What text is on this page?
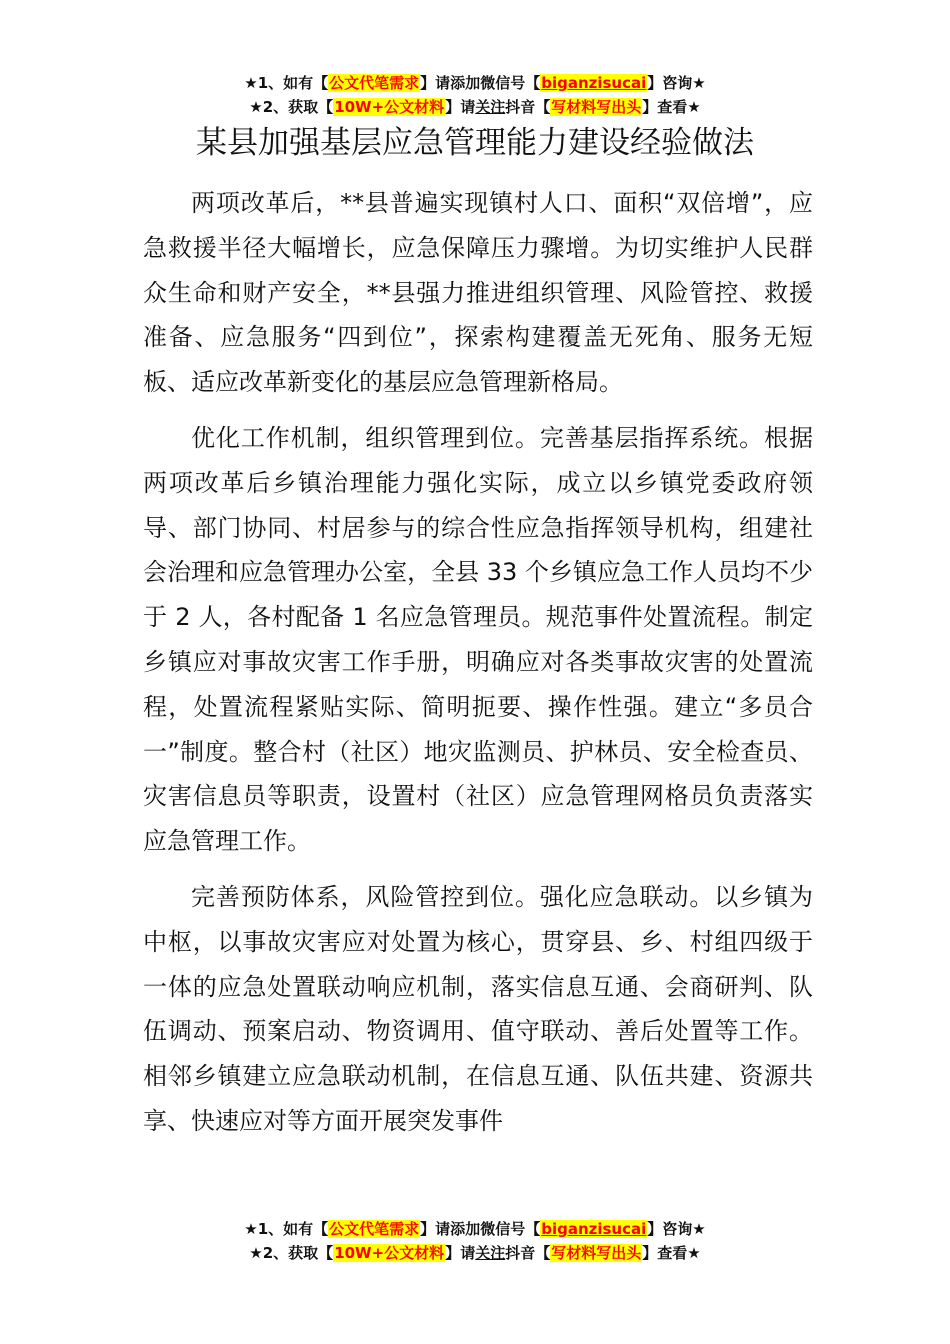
★1、如有【公文代笔需求】请添加微信号【biganzisucai】咨询★
★2、获取【10W+公文材料】请关注抖音【写材料写出头】查看★
某县加强基层应急管理能力建设经验做法

两项改革后，**县普遍实现镇村人口、面积“双倍增”，应急救援半径大幅增长，应急保障压力骤增。为切实维护人民群众生命和财产安全，**县强力推进组织管理、风险管控、救援准备、应急服务“四到位”，探索构建覆盖无死角、服务无短板、适应改革新变化的基层应急管理新格局。

优化工作机制，组织管理到位。完善基层指挥系统。根据两项改革后乡镇治理能力强化实际，成立以乡镇党委政府领导、部门协同、村居参与的综合性应急指挥领导机构，组建社会治理和应急管理办公室，全县 33 个乡镇应急工作人员均不少于 2 人，各村配备 1 名应急管理员。规范事件处置流程。制定乡镇应对事故灾害工作手册，明确应对各类事故灾害的处置流程，处置流程紧贴实际、简明扼要、操作性强。建立“多员合一”制度。整合村（社区）地灾监测员、护林员、安全检查员、灾害信息员等职责，设置村（社区）应急管理网格员负责落实应急管理工作。

完善预防体系，风险管控到位。强化应急联动。以乡镇为中枢，以事故灾害应对处置为核心，贯穿县、乡、村组四级于一体的应急处置联动响应机制，落实信息互通、会商研判、队伍调动、预案启动、物资调用、值守联动、善后处置等工作。相邻乡镇建立应急联动机制，在信息互通、队伍共建、资源共享、快速应对等方面开展突发事件

★1、如有【公文代笔需求】请添加微信号【biganzisucai】咨询★
★2、获取【10W+公文材料】请关注抖音【写材料写出头】查看★
